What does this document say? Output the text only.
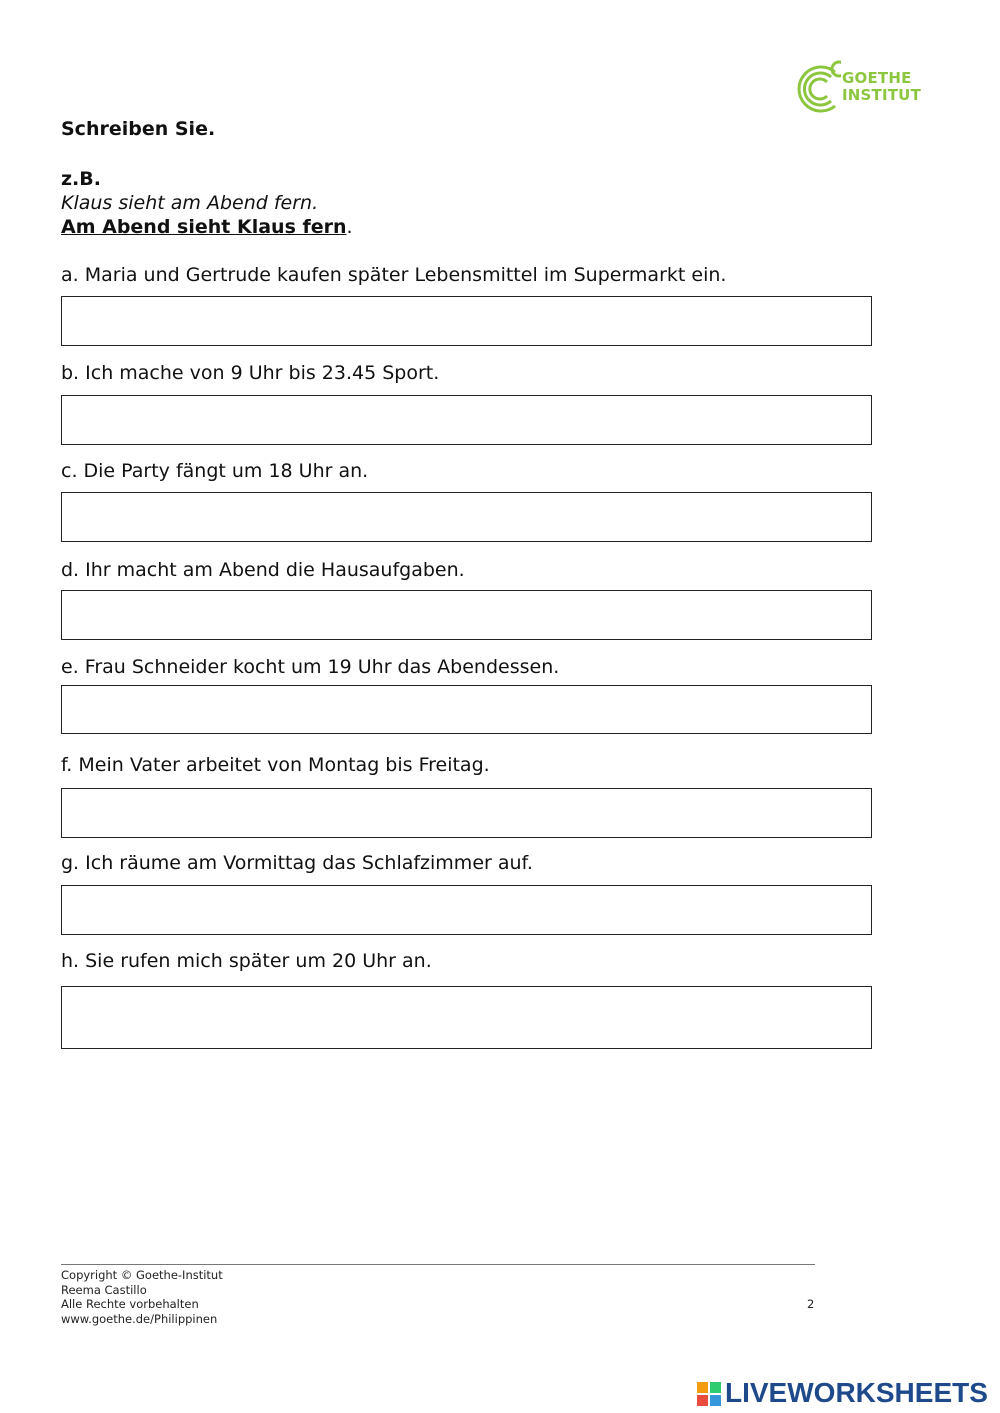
GOETHE
INSTITUT
Schreiben Sie.
z.B.
Klaus sieht am Abend fern.
Am Abend sieht Klaus fern.
a. Maria und Gertrude kaufen später Lebensmittel im Supermarkt ein.
b. Ich mache von 9 Uhr bis 23.45 Sport.
c. Die Party fängt um 18 Uhr an.
d. Ihr macht am Abend die Hausaufgaben.
e. Frau Schneider kocht um 19 Uhr das Abendessen.
f. Mein Vater arbeitet von Montag bis Freitag.
g. Ich räume am Vormittag das Schlafzimmer auf.
h. Sie rufen mich später um 20 Uhr an.
Copyright © Goethe-Institut
Reema Castillo
Alle Rechte vorbehalten
www.goethe.de/Philippinen
2
LIVEWORKSHEETS
